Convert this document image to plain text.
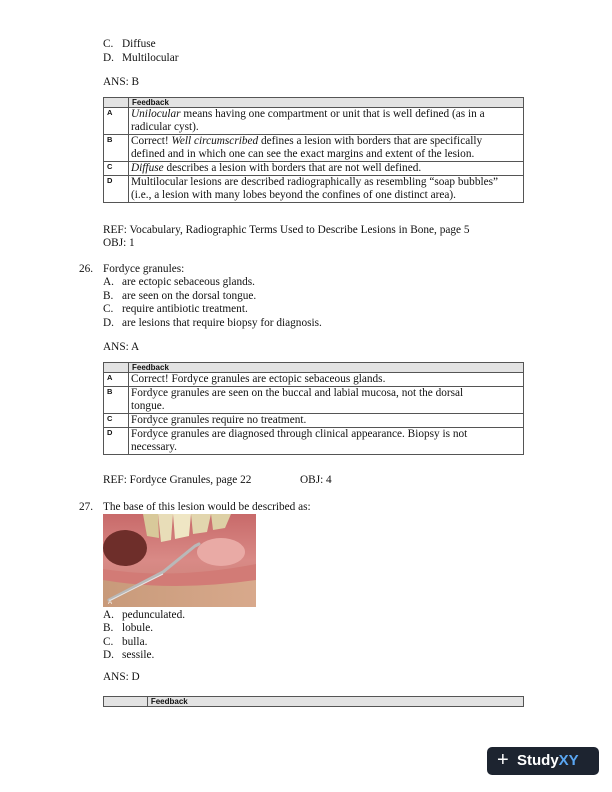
C. Diffuse
D. Multilocular
ANS: B
	Feedback
A	Unilocular means having one compartment or unit that is well defined (as in a
radicular cyst).
B	Correct! Well circumscribed defines a lesion with borders that are specifically
defined and in which one can see the exact margins and extent of the lesion.
C	Diffuse describes a lesion with borders that are not well defined.
D	Multilocular lesions are described radiographically as resembling “soap bubbles”
(i.e., a lesion with many lobes beyond the confines of one distinct area).
REF: Vocabulary, Radiographic Terms Used to Describe Lesions in Bone, page 5
OBJ: 1
26. Fordyce granules:
A. are ectopic sebaceous glands.
B. are seen on the dorsal tongue.
C. require antibiotic treatment.
D. are lesions that require biopsy for diagnosis.
ANS: A
	Feedback
A	Correct! Fordyce granules are ectopic sebaceous glands.
B	Fordyce granules are seen on the buccal and labial mucosa, not the dorsal
tongue.
C	Fordyce granules require no treatment.
D	Fordyce granules are diagnosed through clinical appearance. Biopsy is not
necessary.
REF: Fordyce Granules, page 22	OBJ: 4
27. The base of this lesion would be described as:
A
A. pedunculated.
B. lobule.
C. bulla.
D. sessile.
ANS: D
	Feedback
+ StudyXY
